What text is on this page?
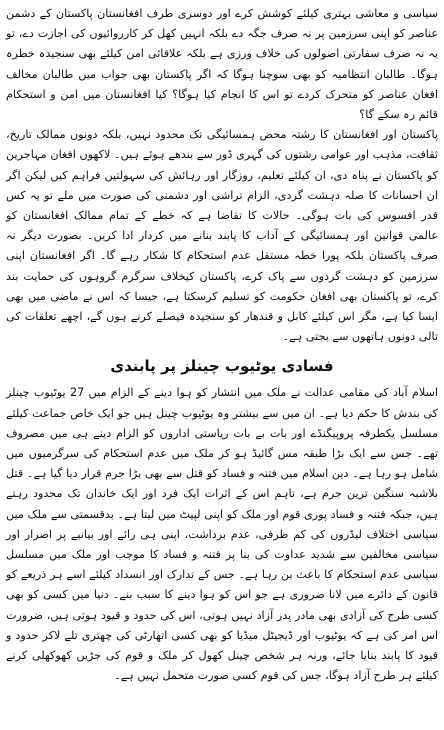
سیاسی و معاشی بہتری کیلئے کوشش کرے اور دوسری طرف افغانستان پاکستان کے دشمن عناصر کو اپنی سرزمین پر نہ صرف جگہ دے بلکہ انہیں کھل کر کارروائیوں کی اجازت دے، تو یہ نہ صرف سفارتی اصولوں کی خلاف ورزی ہے بلکہ علاقائی امن کیلئے بھی سنجیدہ خطرہ ہوگا۔ طالبان انتظامیہ کو بھی سوچنا ہوگا کہ اگر پاکستان بھی جواب میں طالبان مخالف افغان عناصر کو متحرک کردے تو اس کا انجام کیا ہوگا؟ کیا افغانستان میں امن و استحکام قائم رہ سکے گا؟

پاکستان اور افغانستان کا رشتہ محض ہمسائیگی تک محدود نہیں، بلکہ دونوں ممالک تاریخ، ثقافت، مذہب اور عوامی رشتوں کی گہری ڈور سے بندھے ہوئے ہیں۔ لاکھوں افغان مہاجرین کو پاکستان نے پناہ دی، ان کیلئے تعلیم، روزگار اور رہائش کی سہولتیں فراہم کیں لیکن اگر ان احسانات کا صلہ دہشت گردی، الزام تراشی اور دشمنی کی صورت میں ملے تو یہ کس قدر افسوس کی بات ہوگی۔ حالات کا تقاضا ہے کہ خطے کے تمام ممالک افغانستان کو عالمی قوانین اور ہمسائیگی کے آداب کا پابند بنانے میں کردار ادا کریں۔ بصورت دیگر نہ صرف پاکستان بلکہ پورا خطہ مستقل عدم استحکام کا شکار رہے گا۔ اگر افغانستان اپنی سرزمین کو دہشت گردوں سے پاک کرے، پاکستان کیخلاف سرگرم گروہوں کی حمایت بند کرے، تو پاکستان بھی افغان حکومت کو تسلیم کرسکتا ہے، جیسا کہ اس نے ماضی میں بھی ایسا کیا ہے، مگر اس کیلئے کابل و قندھار کو سنجیدہ فیصلے کرنے ہوں گے، اچھے تعلقات کی تالی دونوں ہاتھوں سے بجتی ہے۔

فسادی یوٹیوب چینلز پر پابندی

اسلام آباد کی مقامی عدالت نے ملک میں انتشار کو ہوا دینے کے الزام میں 27 یوٹیوب چینلز کی بندش کا حکم دیا ہے۔ ان میں سے بیشتر وہ یوٹیوب چینل ہیں جو ایک خاص جماعت کیلئے مسلسل یکطرفہ پروپیگنڈے اور بات بے بات ریاستی اداروں کو الزام دینے ہی میں مصروف تھے۔ جس سے ایک بڑا طبقہ مس گائیڈ ہو کر ملک میں عدم استحکام کی سرگرمیوں میں شامل ہو رہا ہے۔ دین اسلام میں فتنہ و فساد کو قتل سے بھی بڑا جرم قرار دیا گیا ہے۔ قتل بلاشبہ سنگین ترین جرم ہے، تاہم اس کے اثرات ایک فرد اور ایک خاندان تک محدود رہتے ہیں، جبکہ فتنہ و فساد پوری قوم اور ملک کو اپنی لپیٹ میں لیتا ہے۔ بدقسمتی سے ملک میں سیاسی اختلاف لیڈروں کی کم ظرفی، عدم برداشت، اپنی ہی رائے اور بیانیے پر اصرار اور سیاسی مخالفین سے شدید عداوت کی بنا پر فتنہ و فساد کا موجب اور ملک میں مسلسل سیاسی عدم استحکام کا باعث بن رہا ہے۔ جس کے تدارک اور انسداد کیلئے اسے ہر ذریعے کو قانون کے دائرے میں لانا ضروری ہے جو اس کو ہوا دینے کا سبب بنے۔ دنیا میں کسی کو بھی کسی طرح کی آزادی بھی مادر پدر آزاد نہیں ہوتی، اس کی حدود و قیود ہوتی ہیں، ضرورت اس امر کی ہے کہ یوٹیوب اور ڈیجیٹل میڈیا کو بھی کسی اتھارٹی کی چھتری تلے لاکر حدود و قیود کا پابند بنایا جائے، ورنہ ہر شخص چینل کھول کر ملک و قوم کی جڑیں کھوکھلی کرنے کیلئے ہر طرح آزاد ہوگا، جس کی قوم کسی صورت متحمل نہیں ہے۔
